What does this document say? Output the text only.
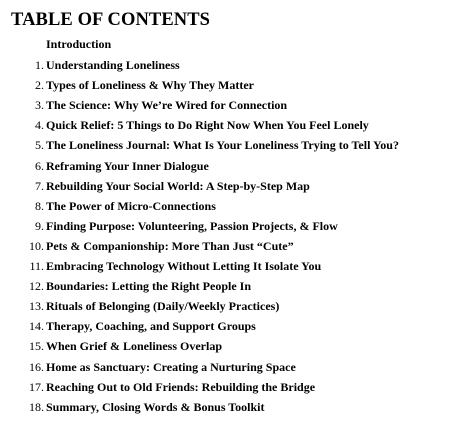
TABLE OF CONTENTS
Introduction
1. Understanding Loneliness
2. Types of Loneliness & Why They Matter
3. The Science: Why We’re Wired for Connection
4. Quick Relief: 5 Things to Do Right Now When You Feel Lonely
5. The Loneliness Journal: What Is Your Loneliness Trying to Tell You?
6. Reframing Your Inner Dialogue
7. Rebuilding Your Social World: A Step-by-Step Map
8. The Power of Micro-Connections
9. Finding Purpose: Volunteering, Passion Projects, & Flow
10. Pets & Companionship: More Than Just “Cute”
11. Embracing Technology Without Letting It Isolate You
12. Boundaries: Letting the Right People In
13. Rituals of Belonging (Daily/Weekly Practices)
14. Therapy, Coaching, and Support Groups
15. When Grief & Loneliness Overlap
16. Home as Sanctuary: Creating a Nurturing Space
17. Reaching Out to Old Friends: Rebuilding the Bridge
18. Summary, Closing Words & Bonus Toolkit
